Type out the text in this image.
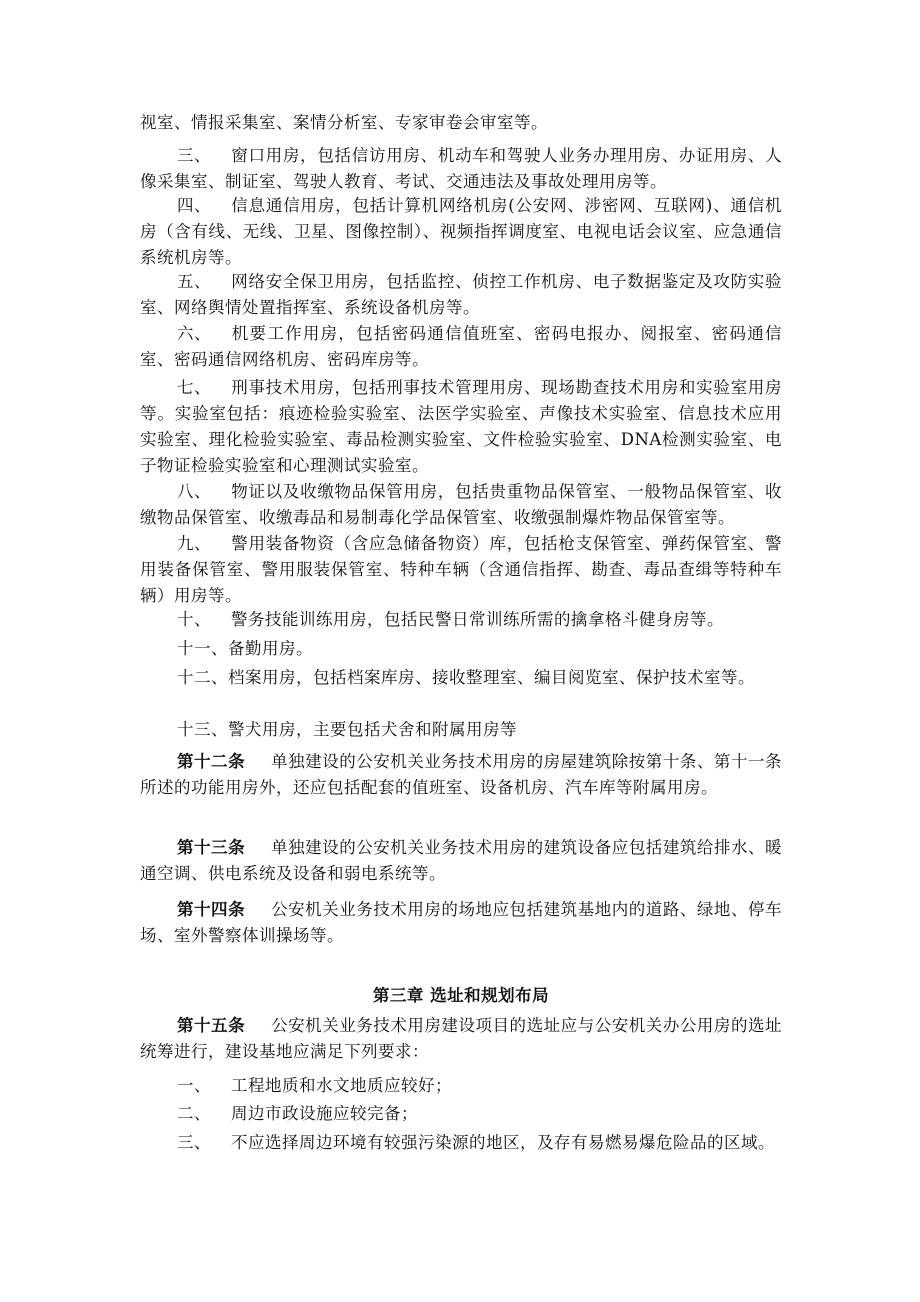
视室、情报采集室、案情分析室、专家审卷会审室等。

三、 窗口用房，包括信访用房、机动车和驾驶人业务办理用房、办证用房、人像采集室、制证室、驾驶人教育、考试、交通违法及事故处理用房等。

四、 信息通信用房，包括计算机网络机房(公安网、涉密网、互联网)、通信机房（含有线、无线、卫星、图像控制）、视频指挥调度室、电视电话会议室、应急通信系统机房等。

五、 网络安全保卫用房，包括监控、侦控工作机房、电子数据鉴定及攻防实验室、网络舆情处置指挥室、系统设备机房等。

六、 机要工作用房，包括密码通信值班室、密码电报办、阅报室、密码通信室、密码通信网络机房、密码库房等。

七、 刑事技术用房，包括刑事技术管理用房、现场勘查技术用房和实验室用房等。实验室包括：痕迹检验实验室、法医学实验室、声像技术实验室、信息技术应用实验室、理化检验实验室、毒品检测实验室、文件检验实验室、DNA检测实验室、电子物证检验实验室和心理测试实验室。

八、 物证以及收缴物品保管用房，包括贵重物品保管室、一般物品保管室、收缴物品保管室、收缴毒品和易制毒化学品保管室、收缴强制爆炸物品保管室等。

九、 警用装备物资（含应急储备物资）库，包括枪支保管室、弹药保管室、警用装备保管室、警用服装保管室、特种车辆（含通信指挥、勘查、毒品查缉等特种车辆）用房等。

十、 警务技能训练用房，包括民警日常训练所需的擒拿格斗健身房等。

十一、备勤用房。

十二、档案用房，包括档案库房、接收整理室、编目阅览室、保护技术室等。

十三、警犬用房，主要包括犬舍和附属用房等

第十二条 单独建设的公安机关业务技术用房的房屋建筑除按第十条、第十一条所述的功能用房外，还应包括配套的值班室、设备机房、汽车库等附属用房。

第十三条 单独建设的公安机关业务技术用房的建筑设备应包括建筑给排水、暖通空调、供电系统及设备和弱电系统等。

第十四条 公安机关业务技术用房的场地应包括建筑基地内的道路、绿地、停车场、室外警察体训操场等。

第三章 选址和规划布局

第十五条 公安机关业务技术用房建设项目的选址应与公安机关办公用房的选址统筹进行，建设基地应满足下列要求：

一、 工程地质和水文地质应较好；

二、 周边市政设施应较完备；

三、 不应选择周边环境有较强污染源的地区，及存有易燃易爆危险品的区域。
